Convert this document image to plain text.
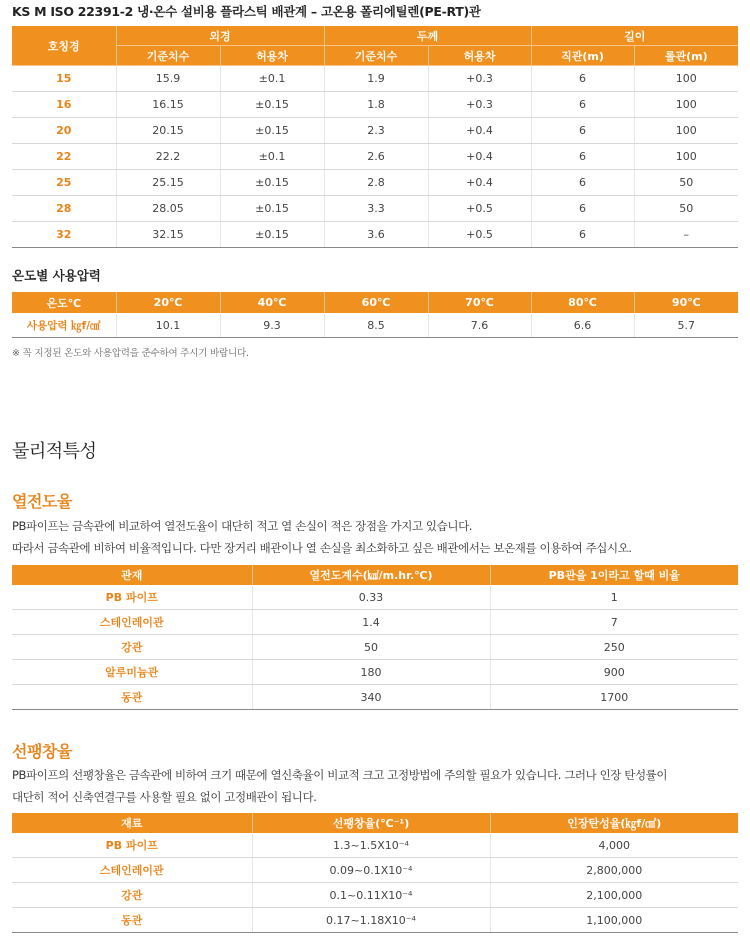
KS M ISO 22391-2 냉·온수 설비용 플라스틱 배관계 – 고온용 폴리에틸렌(PE-RT)관
호칭경	외경		두께		길이	
	기준치수	허용차	기준치수	허용차	직관(m)	롤관(m)
15	15.9	±0.1	1.9	+0.3	6	100
16	16.15	±0.15	1.8	+0.3	6	100
20	20.15	±0.15	2.3	+0.4	6	100
22	22.2	±0.1	2.6	+0.4	6	100
25	25.15	±0.15	2.8	+0.4	6	50
28	28.05	±0.15	3.3	+0.5	6	50
32	32.15	±0.15	3.6	+0.5	6	–
온도별 사용압력
온도℃	20℃	40℃	60℃	70℃	80℃	90℃
사용압력 ㎏f/㎠	10.1	9.3	8.5	7.6	6.6	5.7
※ 꼭 지정된 온도와 사용압력을 준수하여 주시기 바랍니다.
물리적특성
열전도율
PB파이프는 금속관에 비교하여 열전도율이 대단히 적고 열 손실이 적은 장점을 가지고 있습니다.
따라서 금속관에 비하여 비율적입니다. 다만 장거리 배관이나 열 손실을 최소화하고 싶은 배관에서는 보온재를 이용하여 주십시오.
관재	열전도계수(㎉/m.hr.℃)	PB관을 1이라고 할때 비율
PB 파이프	0.33	1
스테인레이관	1.4	7
강관	50	250
알루미늄관	180	900
동관	340	1700
선팽창율
PB파이프의 선팽창율은 금속관에 비하여 크기 때문에 열신축율이 비교적 크고 고정방법에 주의할 필요가 있습니다. 그러나 인장 탄성률이
대단히 적어 신축연결구를 사용할 필요 없이 고정배관이 됩니다.
재료	선팽창율(℃⁻¹)	인장탄성율(㎏f/㎠)
PB 파이프	1.3~1.5X10⁻⁴	4,000
스테인레이관	0.09~0.1X10⁻⁴	2,800,000
강관	0.1~0.11X10⁻⁴	2,100,000
동관	0.17~1.18X10⁻⁴	1,100,000
